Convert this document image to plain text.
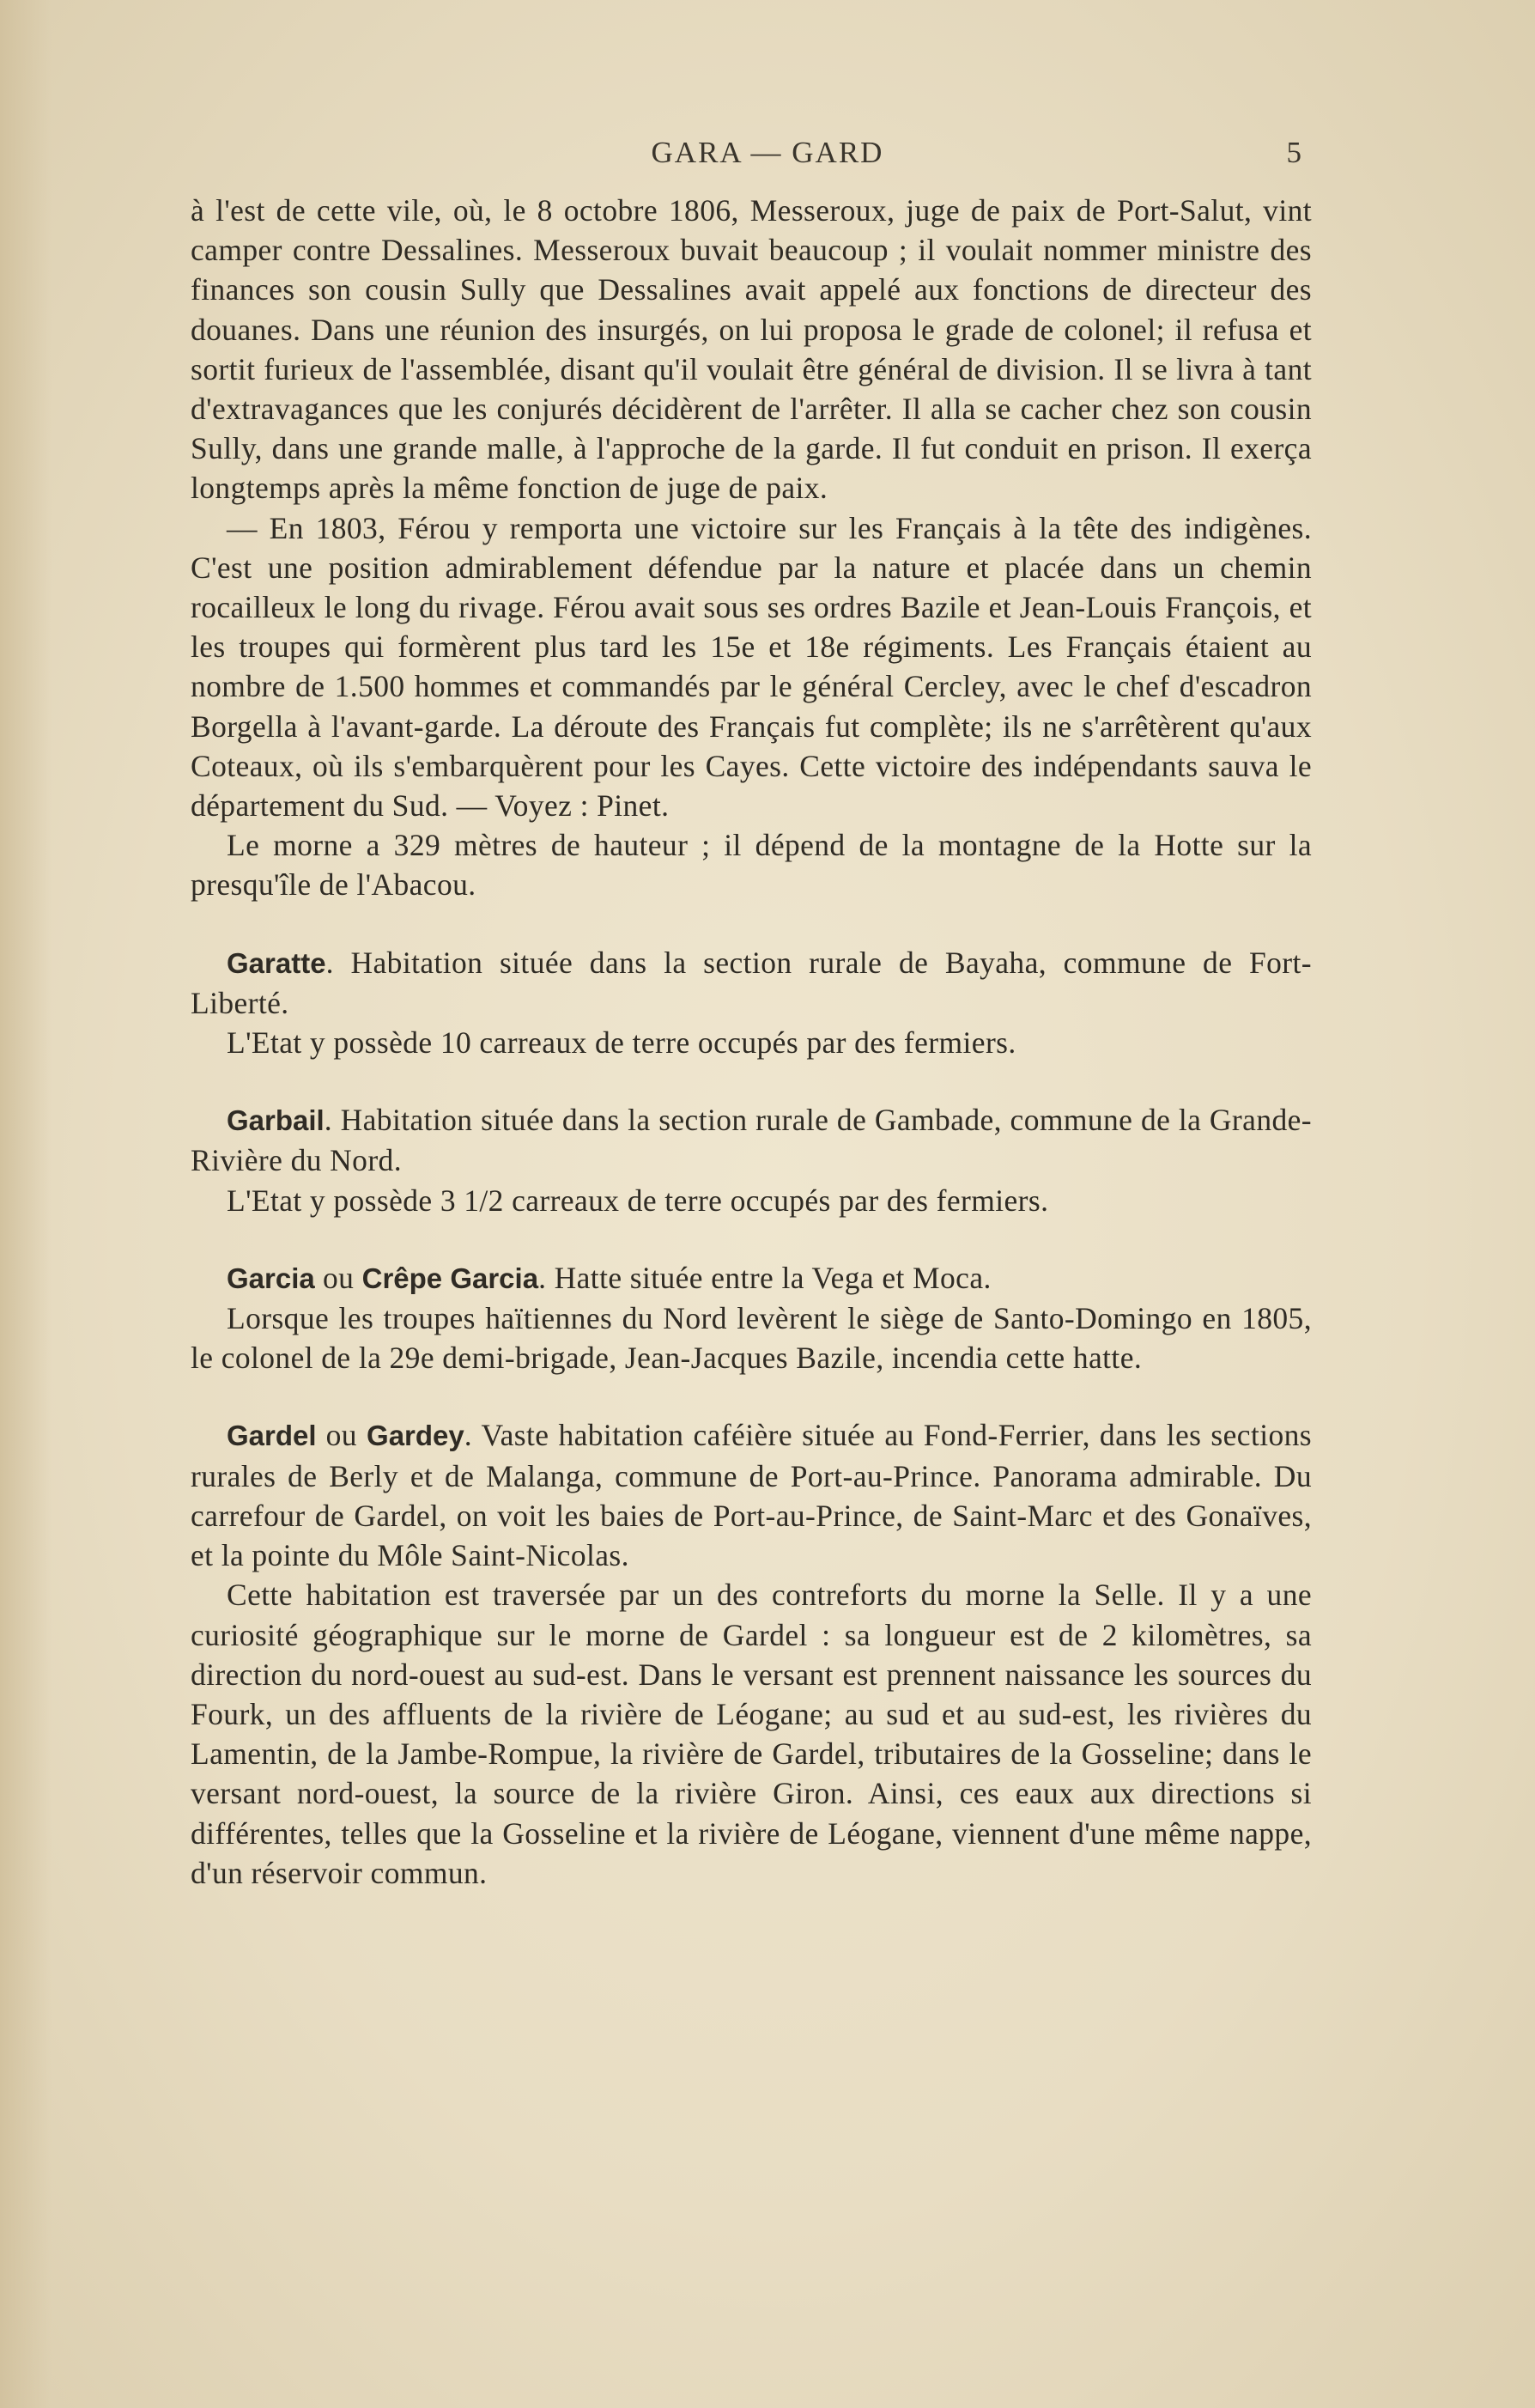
GARA — GARD	5

à l'est de cette vile, où, le 8 octobre 1806, Messeroux, juge de paix de Port-Salut, vint camper contre Dessalines. Messeroux buvait beaucoup ; il voulait nommer ministre des finances son cousin Sully que Dessalines avait appelé aux fonctions de directeur des douanes. Dans une réunion des insurgés, on lui proposa le grade de colonel; il refusa et sortit furieux de l'assemblée, disant qu'il voulait être général de division. Il se livra à tant d'extravagances que les conjurés décidèrent de l'arrêter. Il alla se cacher chez son cousin Sully, dans une grande malle, à l'approche de la garde. Il fut conduit en prison. Il exerça longtemps après la même fonction de juge de paix.

— En 1803, Férou y remporta une victoire sur les Français à la tête des indigènes. C'est une position admirablement défendue par la nature et placée dans un chemin rocailleux le long du rivage. Férou avait sous ses ordres Bazile et Jean-Louis François, et les troupes qui formèrent plus tard les 15e et 18e régiments. Les Français étaient au nombre de 1.500 hommes et commandés par le général Cercley, avec le chef d'escadron Borgella à l'avant-garde. La déroute des Français fut complète; ils ne s'arrêtèrent qu'aux Coteaux, où ils s'embarquèrent pour les Cayes. Cette victoire des indépendants sauva le département du Sud. — Voyez : Pinet.

Le morne a 329 mètres de hauteur ; il dépend de la montagne de la Hotte sur la presqu'île de l'Abacou.

Garatte. Habitation située dans la section rurale de Bayaha, commune de Fort-Liberté.

L'Etat y possède 10 carreaux de terre occupés par des fermiers.

Garbail. Habitation située dans la section rurale de Gambade, commune de la Grande-Rivière du Nord.

L'Etat y possède 3 1/2 carreaux de terre occupés par des fermiers.

Garcia ou Crêpe Garcia. Hatte située entre la Vega et Moca.

Lorsque les troupes haïtiennes du Nord levèrent le siège de Santo-Domingo en 1805, le colonel de la 29e demi-brigade, Jean-Jacques Bazile, incendia cette hatte.

Gardel ou Gardey. Vaste habitation caféière située au Fond-Ferrier, dans les sections rurales de Berly et de Malanga, commune de Port-au-Prince. Panorama admirable. Du carrefour de Gardel, on voit les baies de Port-au-Prince, de Saint-Marc et des Gonaïves, et la pointe du Môle Saint-Nicolas.

Cette habitation est traversée par un des contreforts du morne la Selle. Il y a une curiosité géographique sur le morne de Gardel : sa longueur est de 2 kilomètres, sa direction du nord-ouest au sud-est. Dans le versant est prennent naissance les sources du Fourk, un des affluents de la rivière de Léogane; au sud et au sud-est, les rivières du Lamentin, de la Jambe-Rompue, la rivière de Gardel, tributaires de la Gosseline; dans le versant nord-ouest, la source de la rivière Giron. Ainsi, ces eaux aux directions si différentes, telles que la Gosseline et la rivière de Léogane, viennent d'une même nappe, d'un réservoir commun.
